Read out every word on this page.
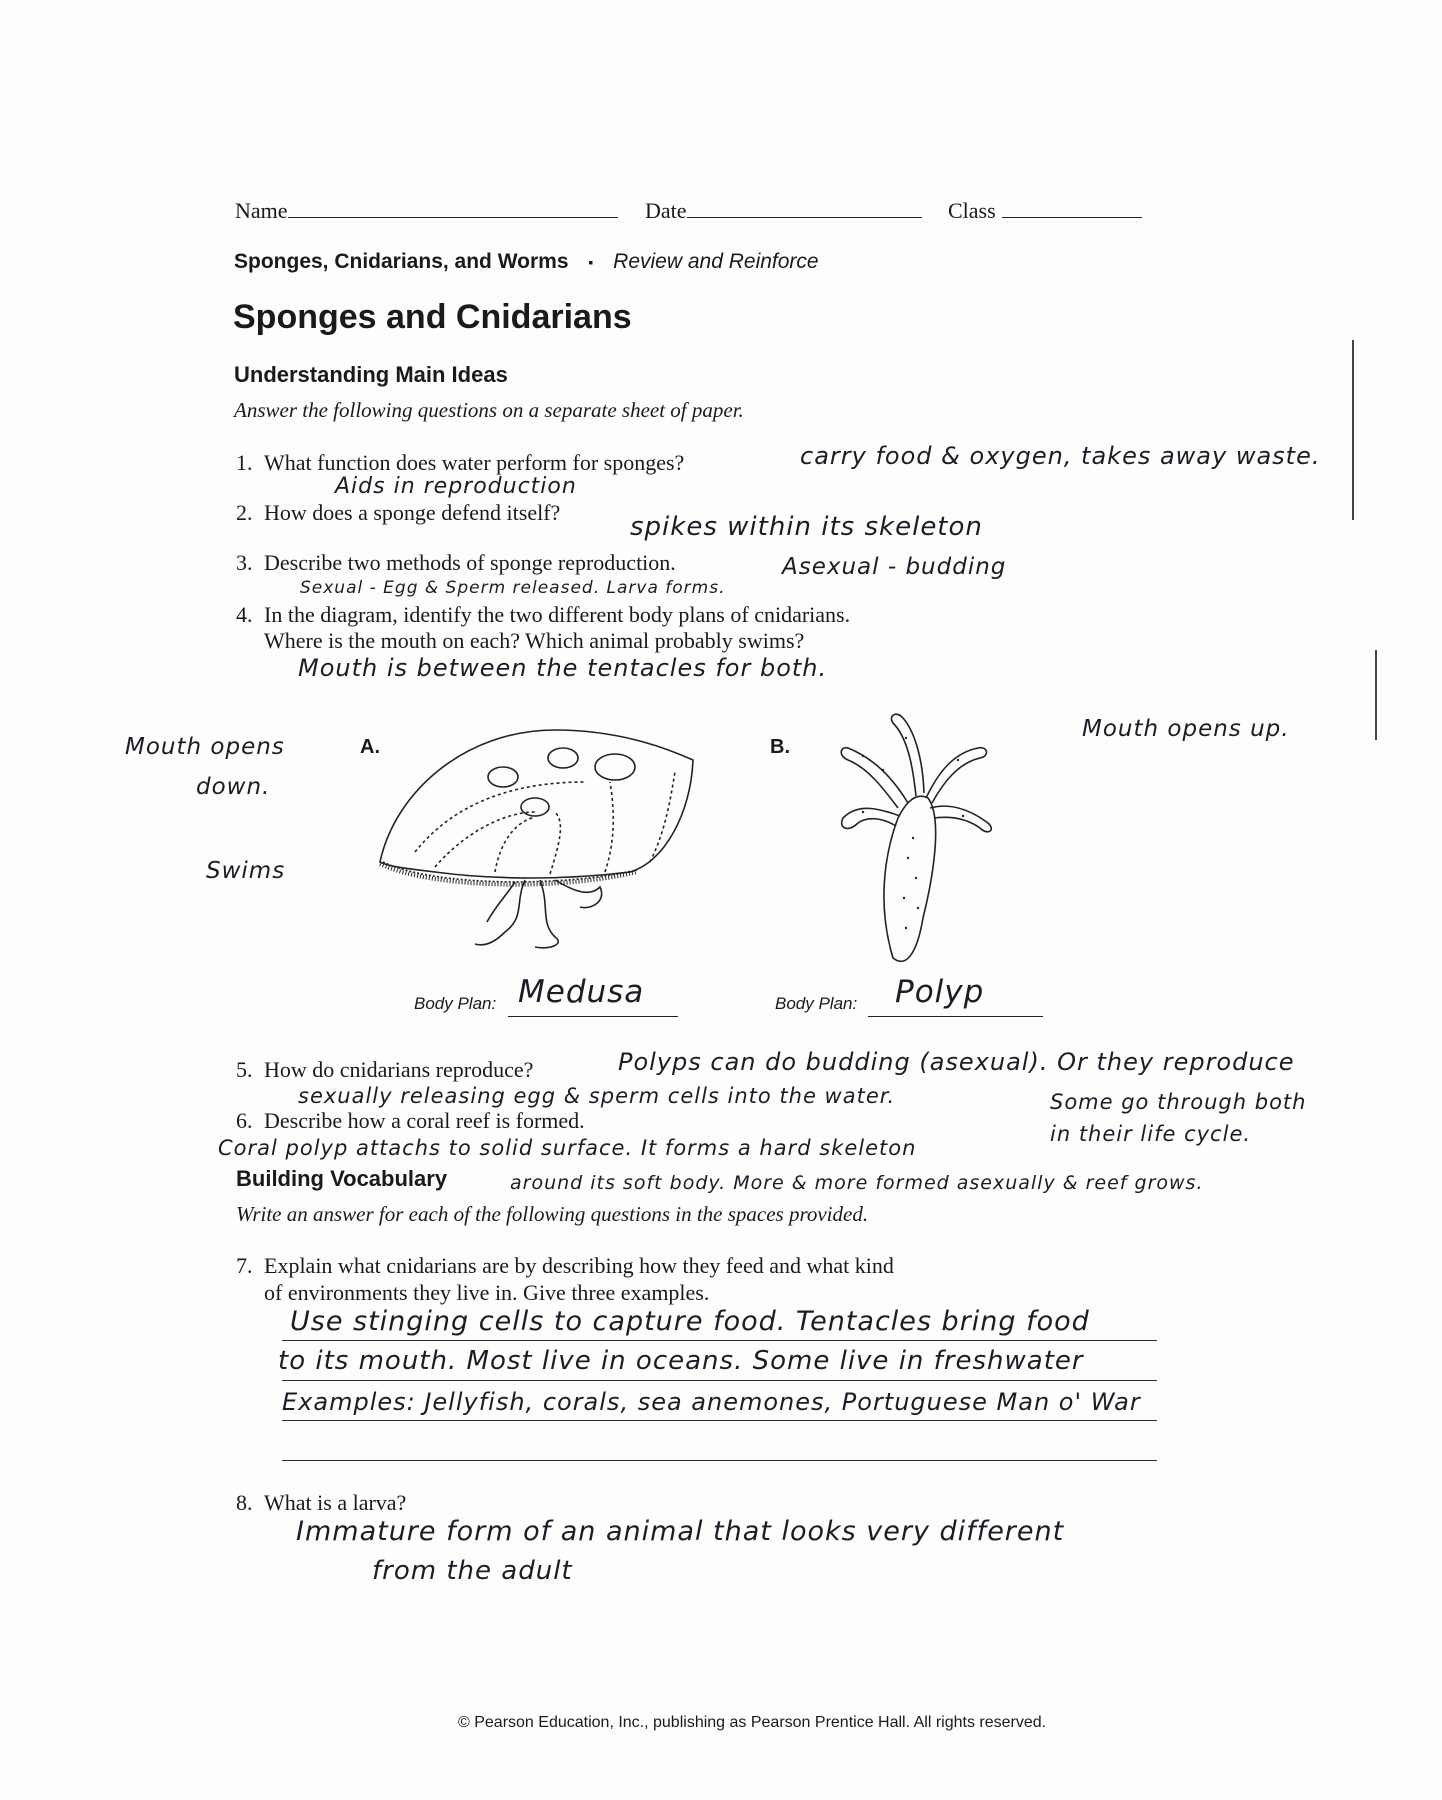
Name	Date	Class
Sponges, Cnidarians, and Worms ▪ Review and Reinforce
Sponges and Cnidarians
Understanding Main Ideas
Answer the following questions on a separate sheet of paper.
1. What function does water perform for sponges?
2. How does a sponge defend itself?
3. Describe two methods of sponge reproduction.
4. In the diagram, identify the two different body plans of cnidarians.
Where is the mouth on each? Which animal probably swims?
carry food & oxygen, takes away waste.
Aids in reproduction
spikes within its skeleton
Asexual - budding
Sexual - Egg & Sperm released. Larva forms.
Mouth is between the tentacles for both.
Mouth opens
down.
Swims
Mouth opens up.
A.	B.
Body Plan: Medusa	Body Plan: Polyp
5. How do cnidarians reproduce?
6. Describe how a coral reef is formed.
Polyps can do budding (asexual). Or they reproduce
sexually releasing egg & sperm cells into the water.	Some go through both
in their life cycle.
Coral polyp attachs to solid surface. It forms a hard skeleton
around its soft body. More & more formed asexually & reef grows.
Building Vocabulary
Write an answer for each of the following questions in the spaces provided.
7. Explain what cnidarians are by describing how they feed and what kind
of environments they live in. Give three examples.
Use stinging cells to capture food. Tentacles bring food
to its mouth. Most live in oceans. Some live in freshwater
Examples: Jellyfish, corals, sea anemones, Portuguese Man o' War
8. What is a larva?
Immature form of an animal that looks very different
from the adult
© Pearson Education, Inc., publishing as Pearson Prentice Hall. All rights reserved.
